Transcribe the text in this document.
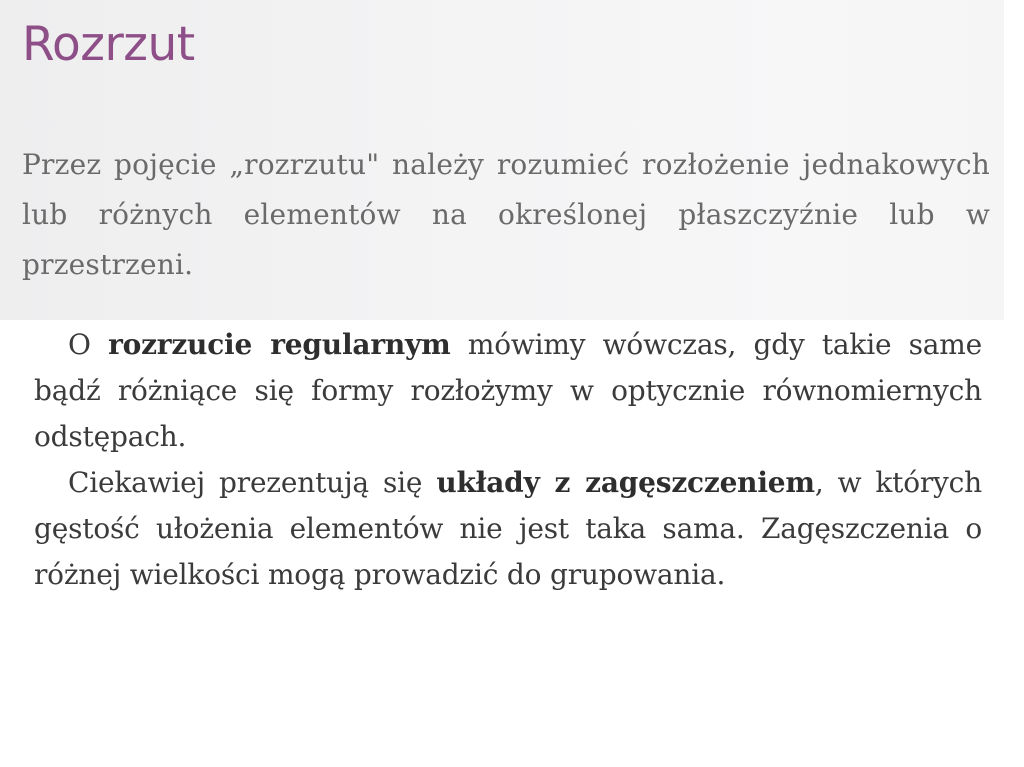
Rozrzut

Przez pojęcie „rozrzutu" należy rozumieć rozłożenie jednakowych lub różnych elementów na określonej płaszczyźnie lub w przestrzeni.

O rozrzucie regularnym mówimy wówczas, gdy takie same bądź różniące się formy rozłożymy w optycznie równomiernych odstępach.

Ciekawiej prezentują się układy z zagęszczeniem, w których gęstość ułożenia elementów nie jest taka sama. Zagęszczenia o różnej wielkości mogą prowadzić do grupowania.
